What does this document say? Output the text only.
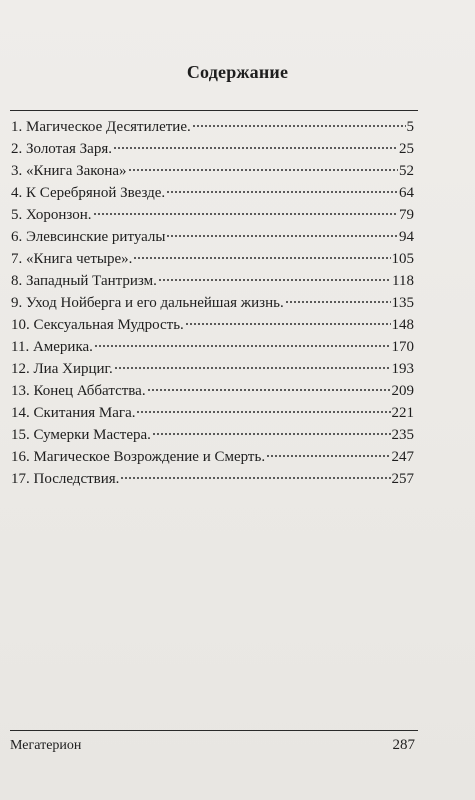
Содержание
1. Магическое Десятилетие.	5
2. Золотая Заря.	25
3. «Книга Закона»	52
4. К Серебряной Звезде.	64
5. Хоронзон.	79
6. Элевсинские ритуалы	94
7. «Книга четыре».	105
8. Западный Тантризм.	118
9. Уход Нойберга и его дальнейшая жизнь.	135
10. Сексуальная Мудрость.	148
11. Америка.	170
12. Лиа Хирциг.	193
13. Конец Аббатства.	209
14. Скитания Мага.	221
15. Сумерки Мастера.	235
16. Магическое Возрождение и Смерть.	247
17. Последствия.	257
Мегатерион	287
